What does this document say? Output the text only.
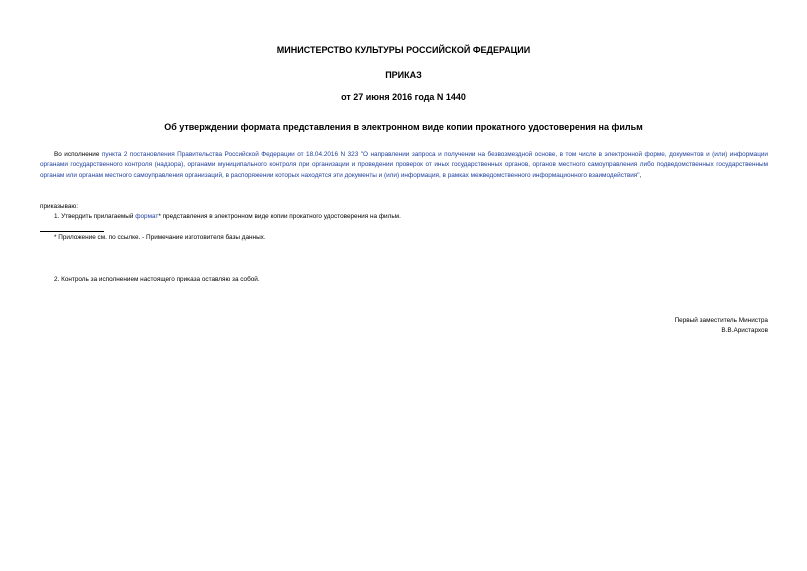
МИНИСТЕРСТВО КУЛЬТУРЫ РОССИЙСКОЙ ФЕДЕРАЦИИ
ПРИКАЗ
от 27 июня 2016 года N 1440
Об утверждении формата представления в электронном виде копии прокатного удостоверения на фильм
Во исполнение пункта 2 постановления Правительства Российской Федерации от 18.04.2016 N 323 "О направлении запроса и получении на безвозмездной основе, в том числе в электронной форме, документов и (или) информации органами государственного контроля (надзора), органами муниципального контроля при организации и проведении проверок от иных государственных органов, органов местного самоуправления либо подведомственных государственным органам или органам местного самоуправления организаций, в распоряжении которых находятся эти документы и (или) информация, в рамках межведомственного информационного взаимодействия",
приказываю:
1. Утвердить прилагаемый формат* представления в электронном виде копии прокатного удостоверения на фильм.
* Приложение см. по ссылке. - Примечание изготовителя базы данных.
2. Контроль за исполнением настоящего приказа оставляю за собой.
Первый заместитель Министра
В.В.Аристархов
